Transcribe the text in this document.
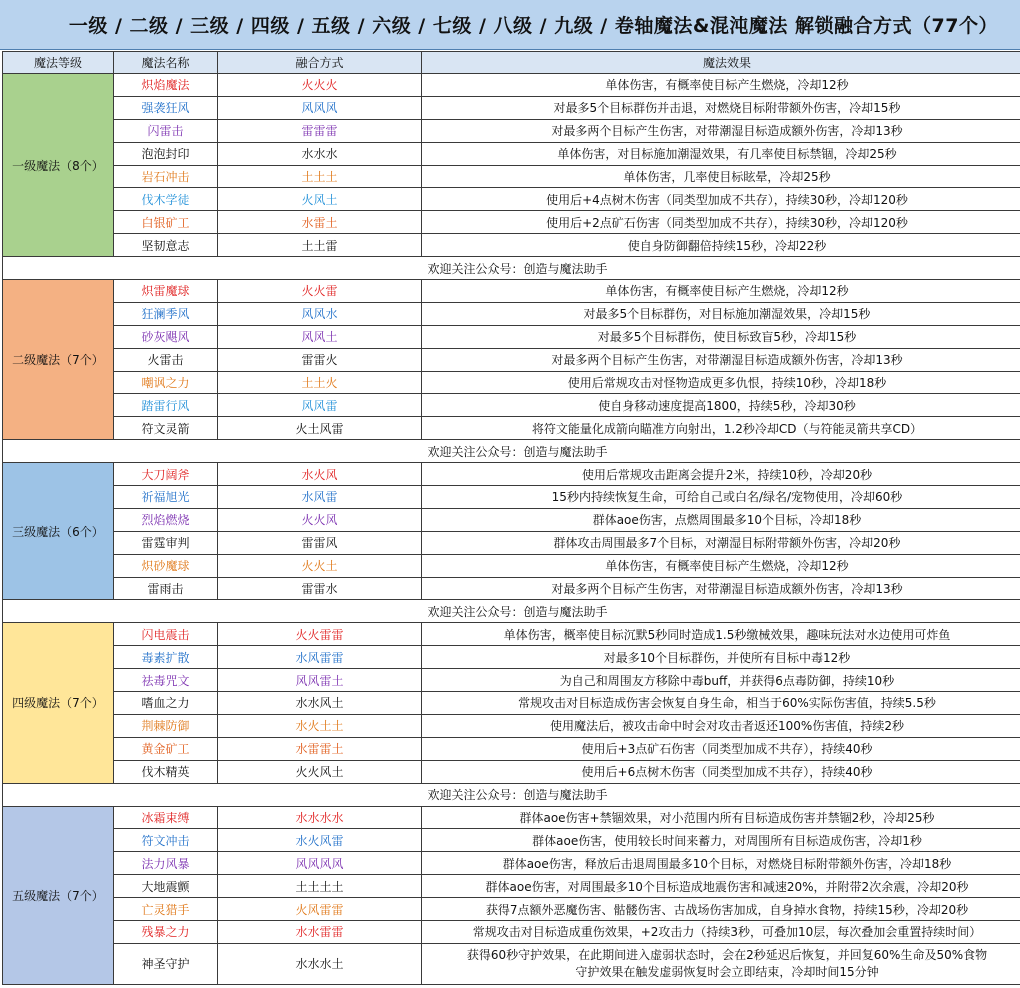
一级 / 二级 / 三级 / 四级 / 五级 / 六级 / 七级 / 八级 / 九级 / 卷轴魔法&混沌魔法 解锁融合方式（77个）
魔法等级	魔法名称	融合方式	魔法效果
一级魔法（8个）	炽焰魔法	火火火	单体伤害，有概率使目标产生燃烧，冷却12秒
	强袭狂风	风风风	对最多5个目标群伤并击退，对燃烧目标附带额外伤害，冷却15秒
	闪雷击	雷雷雷	对最多两个目标产生伤害，对带潮湿目标造成额外伤害，冷却13秒
	泡泡封印	水水水	单体伤害，对目标施加潮湿效果，有几率使目标禁锢，冷却25秒
	岩石冲击	土土土	单体伤害，几率使目标眩晕，冷却25秒
	伐木学徒	火风土	使用后+4点树木伤害（同类型加成不共存），持续30秒，冷却120秒
	白银矿工	水雷土	使用后+2点矿石伤害（同类型加成不共存），持续30秒，冷却120秒
	坚韧意志	土土雷	使自身防御翻倍持续15秒，冷却22秒
欢迎关注公众号：创造与魔法助手			
二级魔法（7个）	炽雷魔球	火火雷	单体伤害，有概率使目标产生燃烧，冷却12秒
	狂澜季风	风风水	对最多5个目标群伤，对目标施加潮湿效果，冷却15秒
	砂灰飓风	风风土	对最多5个目标群伤，使目标致盲5秒，冷却15秒
	火雷击	雷雷火	对最多两个目标产生伤害，对带潮湿目标造成额外伤害，冷却13秒
	嘲讽之力	土土火	使用后常规攻击对怪物造成更多仇恨，持续10秒，冷却18秒
	踏雷行风	风风雷	使自身移动速度提高1800，持续5秒，冷却30秒
	符文灵箭	火土风雷	将符文能量化成箭向瞄准方向射出，1.2秒冷却CD（与符能灵箭共享CD）
欢迎关注公众号：创造与魔法助手			
三级魔法（6个）	大刀阔斧	水火风	使用后常规攻击距离会提升2米，持续10秒，冷却20秒
	祈福旭光	水风雷	15秒内持续恢复生命，可给自己或白名/绿名/宠物使用，冷却60秒
	烈焰燃烧	火火风	群体aoe伤害，点燃周围最多10个目标，冷却18秒
	雷霆审判	雷雷风	群体攻击周围最多7个目标，对潮湿目标附带额外伤害，冷却20秒
	炽砂魔球	火火土	单体伤害，有概率使目标产生燃烧，冷却12秒
	雷雨击	雷雷水	对最多两个目标产生伤害，对带潮湿目标造成额外伤害，冷却13秒
欢迎关注公众号：创造与魔法助手			
四级魔法（7个）	闪电震击	火火雷雷	单体伤害，概率使目标沉默5秒同时造成1.5秒缴械效果，趣味玩法对水边使用可炸鱼
	毒素扩散	水风雷雷	对最多10个目标群伤，并使所有目标中毒12秒
	祛毒咒文	风风雷土	为自己和周围友方移除中毒buff，并获得6点毒防御，持续10秒
	嗜血之力	水水风土	常规攻击对目标造成伤害会恢复自身生命，相当于60%实际伤害值，持续5.5秒
	荆棘防御	水火土土	使用魔法后，被攻击命中时会对攻击者返还100%伤害值，持续2秒
	黄金矿工	水雷雷土	使用后+3点矿石伤害（同类型加成不共存），持续40秒
	伐木精英	火火风土	使用后+6点树木伤害（同类型加成不共存），持续40秒
欢迎关注公众号：创造与魔法助手			
五级魔法（7个）	冰霜束缚	水水水水	群体aoe伤害+禁锢效果，对小范围内所有目标造成伤害并禁锢2秒，冷却25秒
	符文冲击	水火风雷	群体aoe伤害，使用较长时间来蓄力，对周围所有目标造成伤害，冷却1秒
	法力风暴	风风风风	群体aoe伤害，释放后击退周围最多10个目标，对燃烧目标附带额外伤害，冷却18秒
	大地震颤	土土土土	群体aoe伤害，对周围最多10个目标造成地震伤害和减速20%，并附带2次余震，冷却20秒
	亡灵猎手	火风雷雷	获得7点额外恶魔伤害、骷髅伤害、古战场伤害加成，自身掉水食物，持续15秒，冷却20秒
	残暴之力	水水雷雷	常规攻击对目标造成重伤效果，+2攻击力（持续3秒，可叠加10层，每次叠加会重置持续时间）
	神圣守护	水水水土	获得60秒守护效果，在此期间进入虚弱状态时，会在2秒延迟后恢复，并回复60%生命及50%食物
守护效果在触发虚弱恢复时会立即结束，冷却时间15分钟
